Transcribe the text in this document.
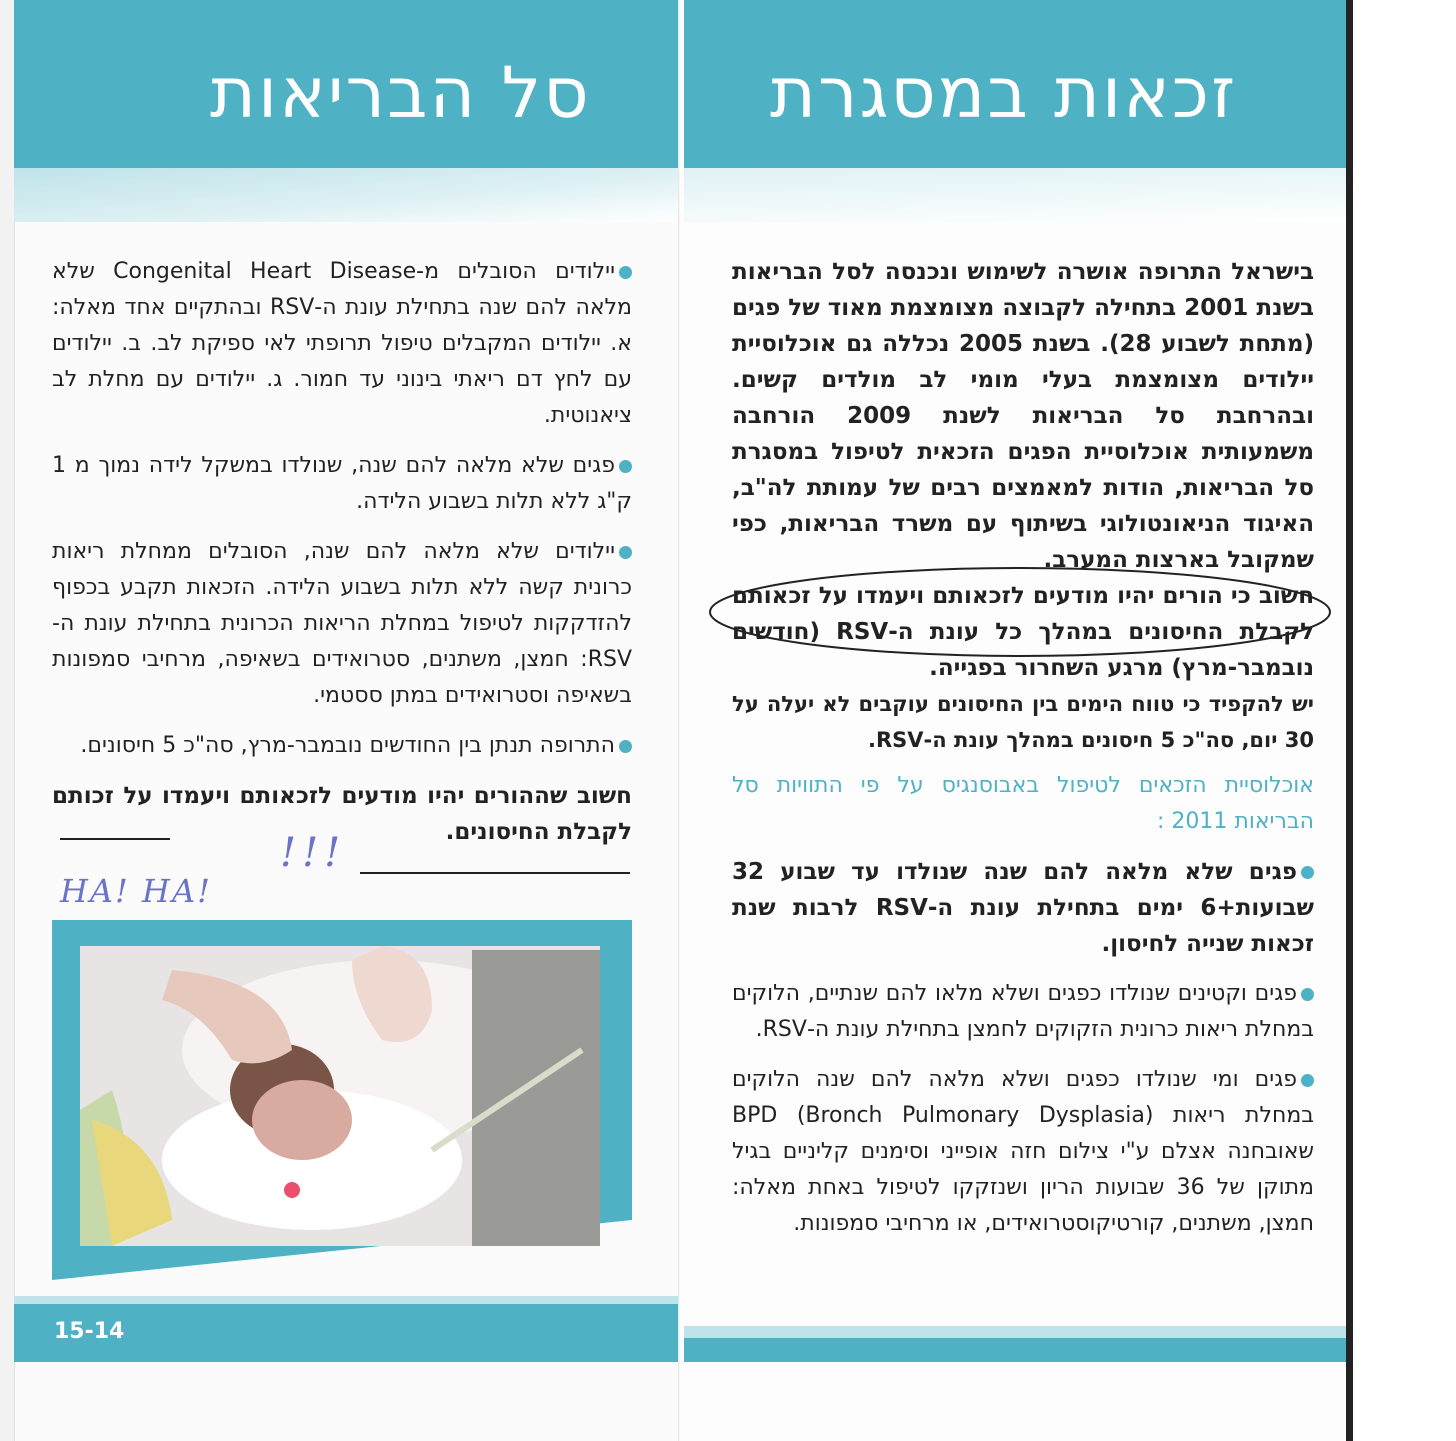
סל הבריאות
יילודים הסובלים מ-Congenital Heart Disease שלא מלאה להם שנה בתחילת עונת ה-RSV ובהתקיים אחד מאלה: א. יילודים המקבלים טיפול תרופתי לאי ספיקת לב. ב. יילודים עם לחץ דם ריאתי בינוני עד חמור. ג. יילודים עם מחלת לב ציאנוטית.
פגים שלא מלאה להם שנה, שנולדו במשקל לידה נמוך מ 1 ק"ג ללא תלות בשבוע הלידה.
יילודים שלא מלאה להם שנה, הסובלים ממחלת ריאות כרונית קשה ללא תלות בשבוע הלידה. הזכאות תקבע בכפוף להזדקקות לטיפול במחלת הריאות הכרונית בתחילת עונת ה-RSV: חמצן, משתנים, סטרואידים בשאיפה, מרחיבי סמפונות בשאיפה וסטרואידים במתן ססטמי.
התרופה תנתן בין החודשים נובמבר-מרץ, סה"כ 5 חיסונים.
חשוב שההורים יהיו מודעים לזכאותם ויעמדו על זכותם לקבלת החיסונים.
!!!
HA! HA!
15-14
זכאות במסגרת
בישראל התרופה אושרה לשימוש ונכנסה לסל הבריאות בשנת 2001 בתחילה לקבוצה מצומצמת מאוד של פגים (מתחת לשבוע 28). בשנת 2005 נכללה גם אוכלוסיית יילודים מצומצמת בעלי מומי לב מולדים קשים. ובהרחבת סל הבריאות לשנת 2009 הורחבה משמעותית אוכלוסיית הפגים הזכאית לטיפול במסגרת סל הבריאות, הודות למאמצים רבים של עמותת לה"ב, האיגוד הניאונטולוגי בשיתוף עם משרד הבריאות, כפי שמקובל בארצות המערב.
חשוב כי הורים יהיו מודעים לזכאותם ויעמדו על זכאותם לקבלת החיסונים במהלך כל עונת ה-RSV (חודשים נובמבר-מרץ) מרגע השחרור בפגייה.
יש להקפיד כי טווח הימים בין החיסונים עוקבים לא יעלה על 30 יום, סה"כ 5 חיסונים במהלך עונת ה-RSV.
אוכלוסיית הזכאים לטיפול באבוסנגיס על פי התוויות סל הבריאות 2011 :
פגים שלא מלאה להם שנה שנולדו עד שבוע 32 שבועות+6 ימים בתחילת עונת ה-RSV לרבות שנת זכאות שנייה לחיסון.
פגים וקטינים שנולדו כפגים ושלא מלאו להם שנתיים, הלוקים במחלת ריאות כרונית הזקוקים לחמצן בתחילת עונת ה-RSV.
פגים ומי שנולדו כפגים ושלא מלאה להם שנה הלוקים במחלת ריאות BPD (Bronch Pulmonary Dysplasia) שאובחנה אצלם ע"י צילום חזה אופייני וסימנים קליניים בגיל מתוקן של 36 שבועות הריון ושנזקקו לטיפול באחת מאלה: חמצן, משתנים, קורטיקוסטרואידים, או מרחיבי סמפונות.
